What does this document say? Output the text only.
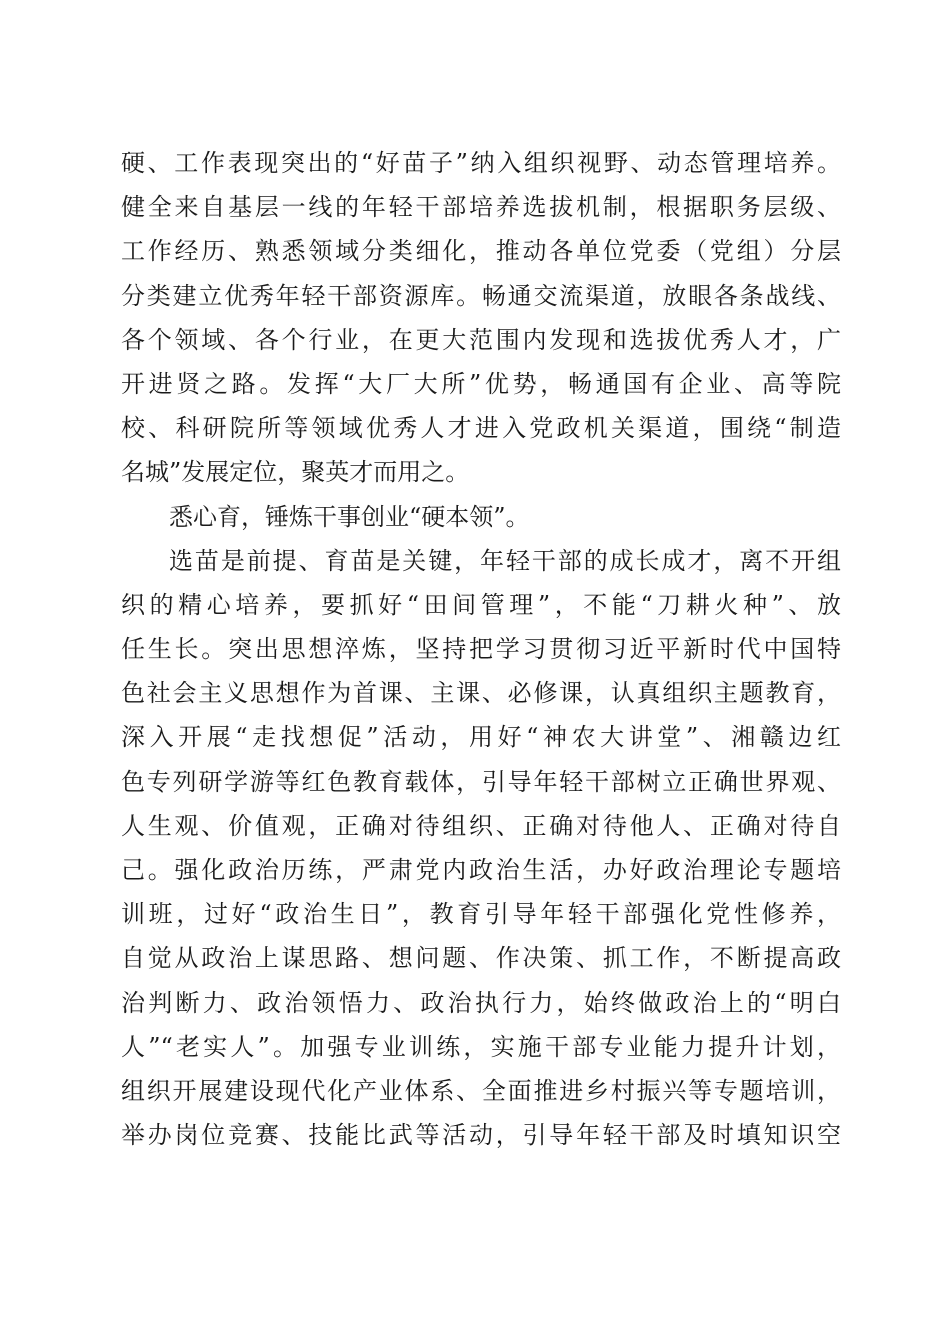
硬、工作表现突出的“好苗子”纳入组织视野、动态管理培养。
健全来自基层一线的年轻干部培养选拔机制，根据职务层级、
工作经历、熟悉领域分类细化，推动各单位党委（党组）分层
分类建立优秀年轻干部资源库。畅通交流渠道，放眼各条战线、
各个领域、各个行业，在更大范围内发现和选拔优秀人才，广
开进贤之路。发挥“大厂大所”优势，畅通国有企业、高等院
校、科研院所等领域优秀人才进入党政机关渠道，围绕“制造
名城”发展定位，聚英才而用之。
悉心育，锤炼干事创业“硬本领”。
选苗是前提、育苗是关键，年轻干部的成长成才，离不开组
织的精心培养，要抓好“田间管理”，不能“刀耕火种”、放
任生长。突出思想淬炼，坚持把学习贯彻习近平新时代中国特
色社会主义思想作为首课、主课、必修课，认真组织主题教育，
深入开展“走找想促”活动，用好“神农大讲堂”、湘赣边红
色专列研学游等红色教育载体，引导年轻干部树立正确世界观、
人生观、价值观，正确对待组织、正确对待他人、正确对待自
己。强化政治历练，严肃党内政治生活，办好政治理论专题培
训班，过好“政治生日”，教育引导年轻干部强化党性修养，
自觉从政治上谋思路、想问题、作决策、抓工作，不断提高政
治判断力、政治领悟力、政治执行力，始终做政治上的“明白
人”“老实人”。加强专业训练，实施干部专业能力提升计划，
组织开展建设现代化产业体系、全面推进乡村振兴等专题培训，
举办岗位竞赛、技能比武等活动，引导年轻干部及时填知识空
